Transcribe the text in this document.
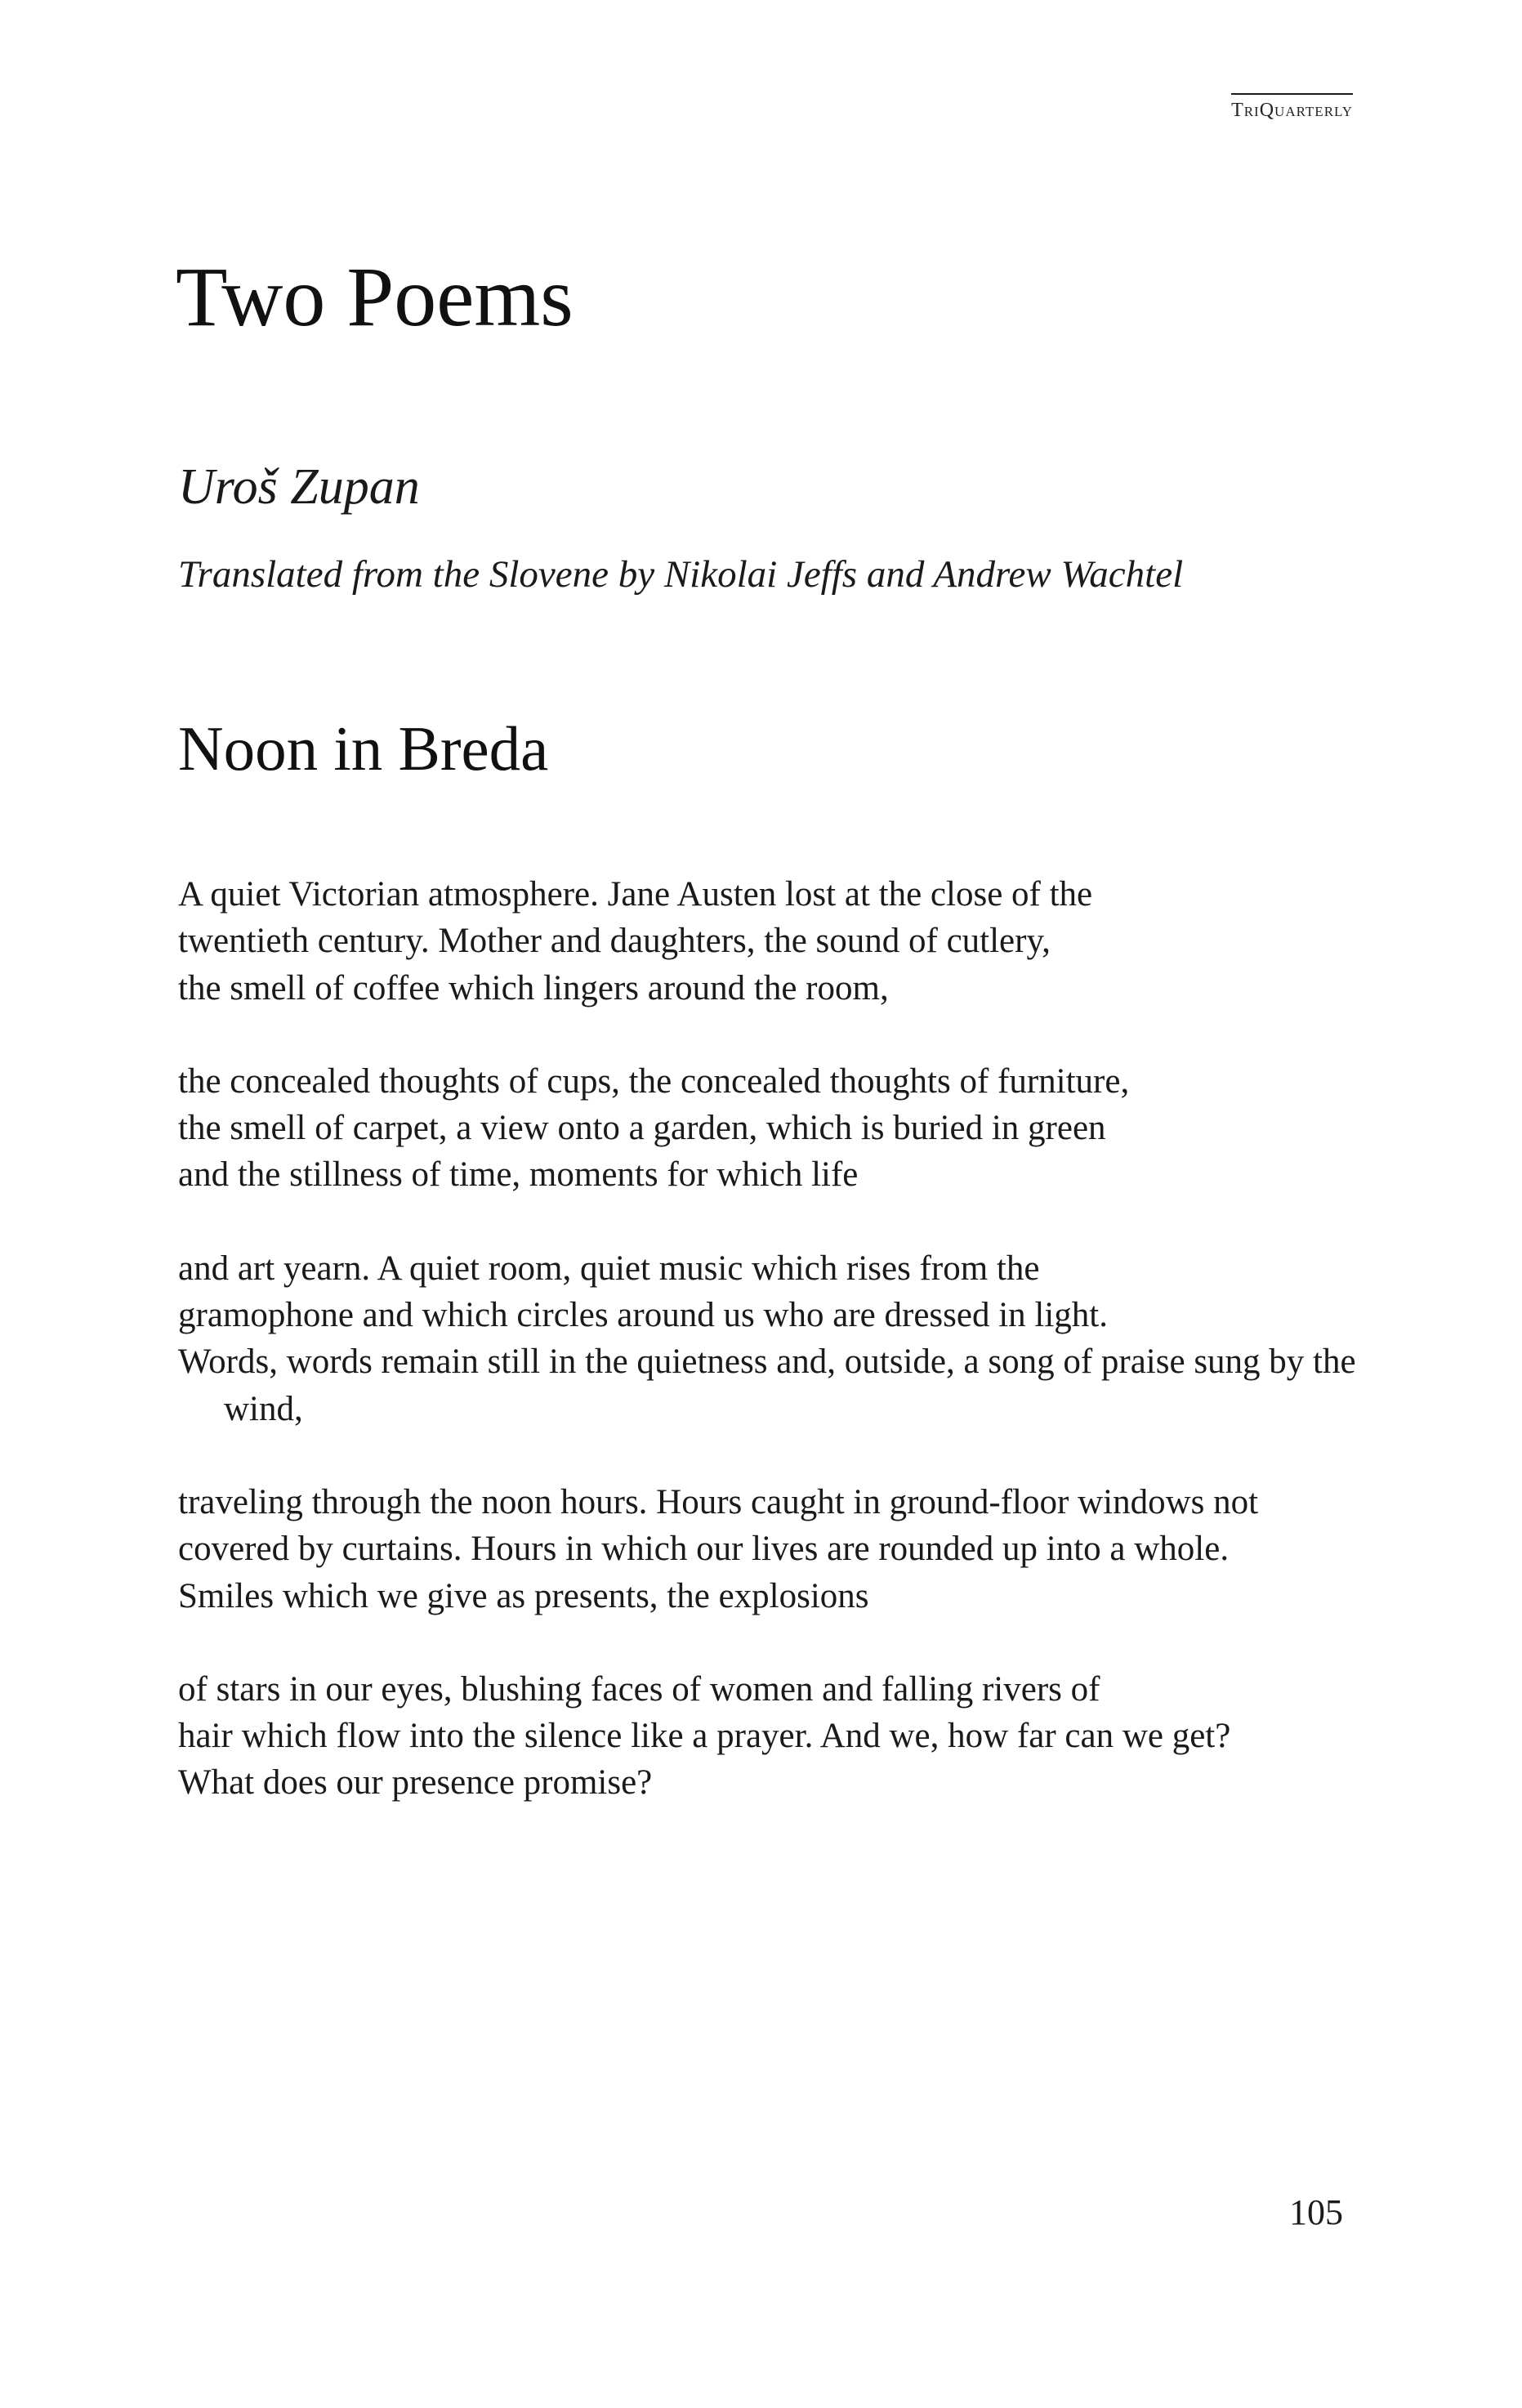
TriQuarterly
Two Poems
Uroš Zupan
Translated from the Slovene by Nikolai Jeffs and Andrew Wachtel
Noon in Breda
A quiet Victorian atmosphere. Jane Austen lost at the close of the
twentieth century. Mother and daughters, the sound of cutlery,
the smell of coffee which lingers around the room,
the concealed thoughts of cups, the concealed thoughts of furniture,
the smell of carpet, a view onto a garden, which is buried in green
and the stillness of time, moments for which life
and art yearn. A quiet room, quiet music which rises from the
gramophone and which circles around us who are dressed in light.
Words, words remain still in the quietness and, outside, a song of praise sung by the wind,
traveling through the noon hours. Hours caught in ground-floor windows not
covered by curtains. Hours in which our lives are rounded up into a whole.
Smiles which we give as presents, the explosions
of stars in our eyes, blushing faces of women and falling rivers of
hair which flow into the silence like a prayer. And we, how far can we get?
What does our presence promise?
105
